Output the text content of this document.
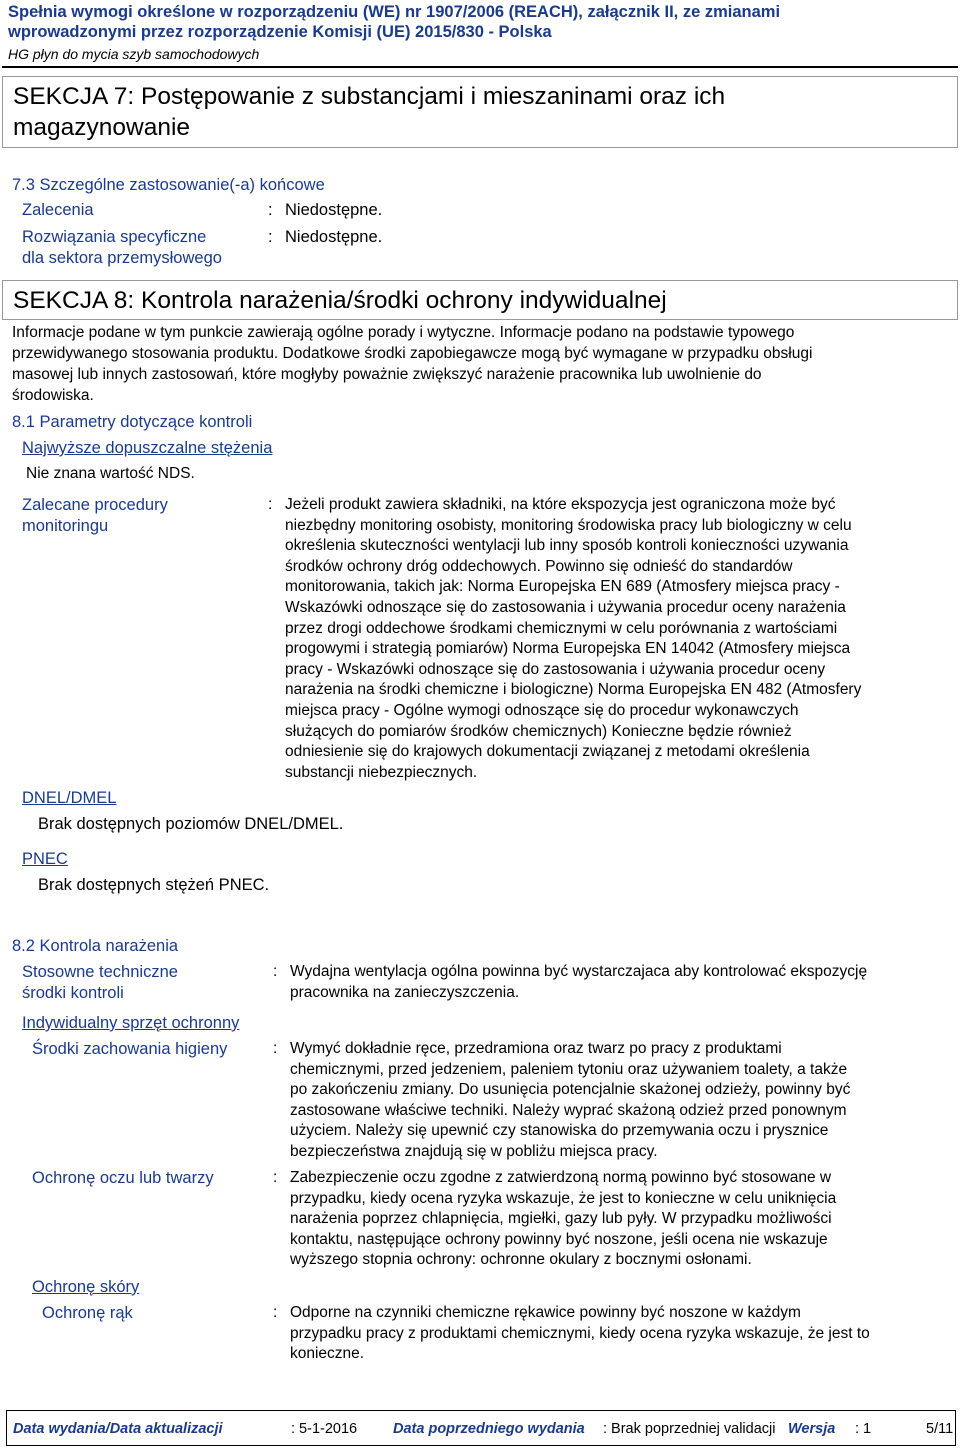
Spełnia wymogi określone w rozporządzeniu (WE) nr 1907/2006 (REACH), załącznik II, ze zmianami
wprowadzonymi przez rozporządzenie Komisji (UE) 2015/830 - Polska
HG płyn do mycia szyb samochodowych
SEKCJA 7: Postępowanie z substancjami i mieszaninami oraz ich
magazynowanie
7.3 Szczególne zastosowanie(-a) końcowe
Zalecenia	: Niedostępne.
Rozwiązania specyficzne
dla sektora przemysłowego
: Niedostępne.
SEKCJA 8: Kontrola narażenia/środki ochrony indywidualnej
Informacje podane w tym punkcie zawierają ogólne porady i wytyczne. Informacje podano na podstawie typowego
przewidywanego stosowania produktu. Dodatkowe środki zapobiegawcze mogą być wymagane w przypadku obsługi
masowej lub innych zastosowań, które mogłyby poważnie zwiększyć narażenie pracownika lub uwolnienie do
środowiska.
8.1 Parametry dotyczące kontroli
Najwyższe dopuszczalne stężenia
Nie znana wartość NDS.
Zalecane procedury
monitoringu
: Jeżeli produkt zawiera składniki, na które ekspozycja jest ograniczona może być
niezbędny monitoring osobisty, monitoring środowiska pracy lub biologiczny w celu
określenia skuteczności wentylacji lub inny sposób kontroli konieczności uzywania
środków ochrony dróg oddechowych. Powinno się odnieść do standardów
monitorowania, takich jak: Norma Europejska EN 689 (Atmosfery miejsca pracy -
Wskazówki odnoszące się do zastosowania i używania procedur oceny narażenia
przez drogi oddechowe środkami chemicznymi w celu porównania z wartościami
progowymi i strategią pomiarów) Norma Europejska EN 14042 (Atmosfery miejsca
pracy - Wskazówki odnoszące się do zastosowania i używania procedur oceny
narażenia na środki chemiczne i biologiczne) Norma Europejska EN 482 (Atmosfery
miejsca pracy - Ogólne wymogi odnoszące się do procedur wykonawczych
służących do pomiarów środków chemicznych) Konieczne będzie również
odniesienie się do krajowych dokumentacji związanej z metodami określenia
substancji niebezpiecznych.
DNEL/DMEL
Brak dostępnych poziomów DNEL/DMEL.
PNEC
Brak dostępnych stężeń PNEC.
8.2 Kontrola narażenia
Stosowne techniczne
środki kontroli
: Wydajna wentylacja ogólna powinna być wystarczajaca aby kontrolować ekspozycję
pracownika na zanieczyszczenia.
Indywidualny sprzęt ochronny
Środki zachowania higieny	: Wymyć dokładnie ręce, przedramiona oraz twarz po pracy z produktami
chemicznymi, przed jedzeniem, paleniem tytoniu oraz używaniem toalety, a także
po zakończeniu zmiany. Do usunięcia potencjalnie skażonej odzieży, powinny być
zastosowane właściwe techniki. Należy wyprać skażoną odzież przed ponownym
użyciem. Należy się upewnić czy stanowiska do przemywania oczu i prysznice
bezpieczeństwa znajdują się w pobliżu miejsca pracy.
Ochronę oczu lub twarzy	: Zabezpieczenie oczu zgodne z zatwierdzoną normą powinno być stosowane w
przypadku, kiedy ocena ryzyka wskazuje, że jest to konieczne w celu uniknięcia
narażenia poprzez chlapnięcia, mgiełki, gazy lub pyły. W przypadku możliwości
kontaktu, następujące ochrony powinny być noszone, jeśli ocena nie wskazuje
wyższego stopnia ochrony: ochronne okulary z bocznymi osłonami.
Ochronę skóry
Ochronę rąk	: Odporne na czynniki chemiczne rękawice powinny być noszone w każdym
przypadku pracy z produktami chemicznymi, kiedy ocena ryzyka wskazuje, że jest to
konieczne.
Data wydania/Data aktualizacji	: 5-1-2016 Data poprzedniego wydania : Brak poprzedniej validacji Wersja : 1	5/11
